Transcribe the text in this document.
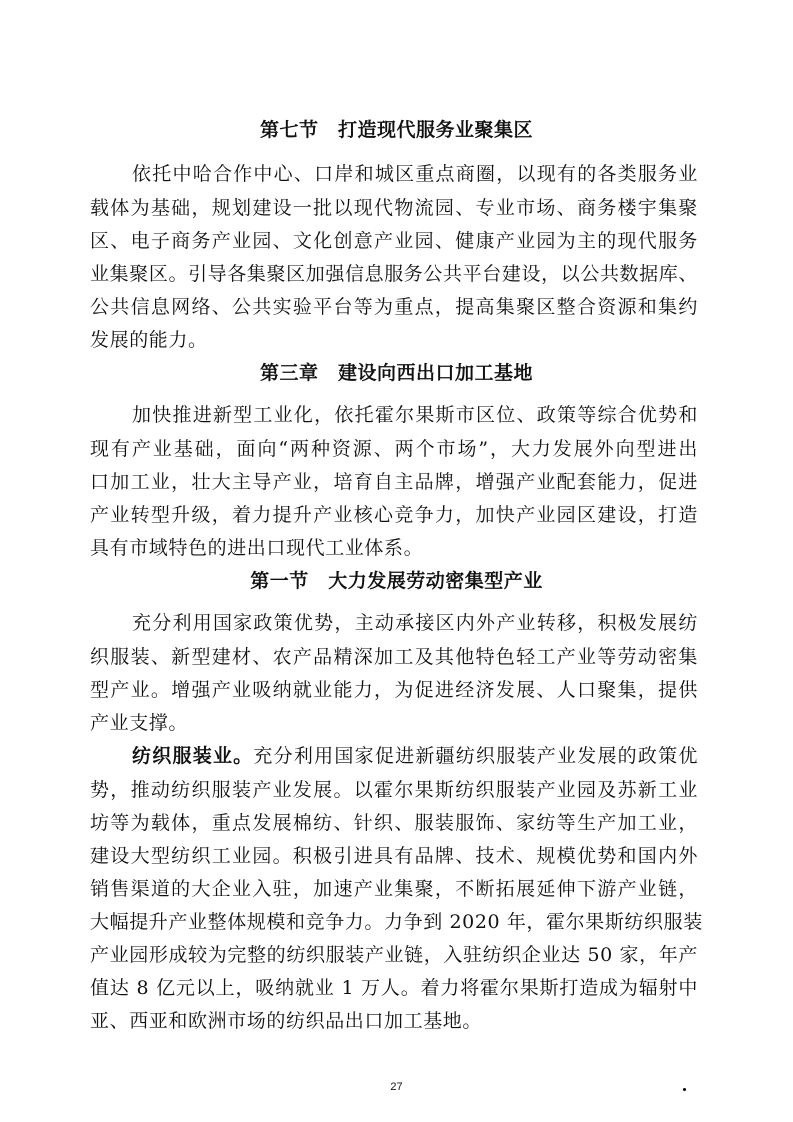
第七节　打造现代服务业聚集区
依托中哈合作中心、口岸和城区重点商圈，以现有的各类服务业
载体为基础，规划建设一批以现代物流园、专业市场、商务楼宇集聚
区、电子商务产业园、文化创意产业园、健康产业园为主的现代服务
业集聚区。引导各集聚区加强信息服务公共平台建设，以公共数据库、
公共信息网络、公共实验平台等为重点，提高集聚区整合资源和集约
发展的能力。
第三章　建设向西出口加工基地
加快推进新型工业化，依托霍尔果斯市区位、政策等综合优势和
现有产业基础，面向“两种资源、两个市场”，大力发展外向型进出
口加工业，壮大主导产业，培育自主品牌，增强产业配套能力，促进
产业转型升级，着力提升产业核心竞争力，加快产业园区建设，打造
具有市域特色的进出口现代工业体系。
第一节　大力发展劳动密集型产业
充分利用国家政策优势，主动承接区内外产业转移，积极发展纺
织服装、新型建材、农产品精深加工及其他特色轻工产业等劳动密集
型产业。增强产业吸纳就业能力，为促进经济发展、人口聚集，提供
产业支撑。
纺织服装业。充分利用国家促进新疆纺织服装产业发展的政策优
势，推动纺织服装产业发展。以霍尔果斯纺织服装产业园及苏新工业
坊等为载体，重点发展棉纺、针织、服装服饰、家纺等生产加工业，
建设大型纺织工业园。积极引进具有品牌、技术、规模优势和国内外
销售渠道的大企业入驻，加速产业集聚，不断拓展延伸下游产业链，
大幅提升产业整体规模和竞争力。力争到 2020 年，霍尔果斯纺织服装
产业园形成较为完整的纺织服装产业链，入驻纺织企业达 50 家，年产
值达 8 亿元以上，吸纳就业 1 万人。着力将霍尔果斯打造成为辐射中
亚、西亚和欧洲市场的纺织品出口加工基地。
27
